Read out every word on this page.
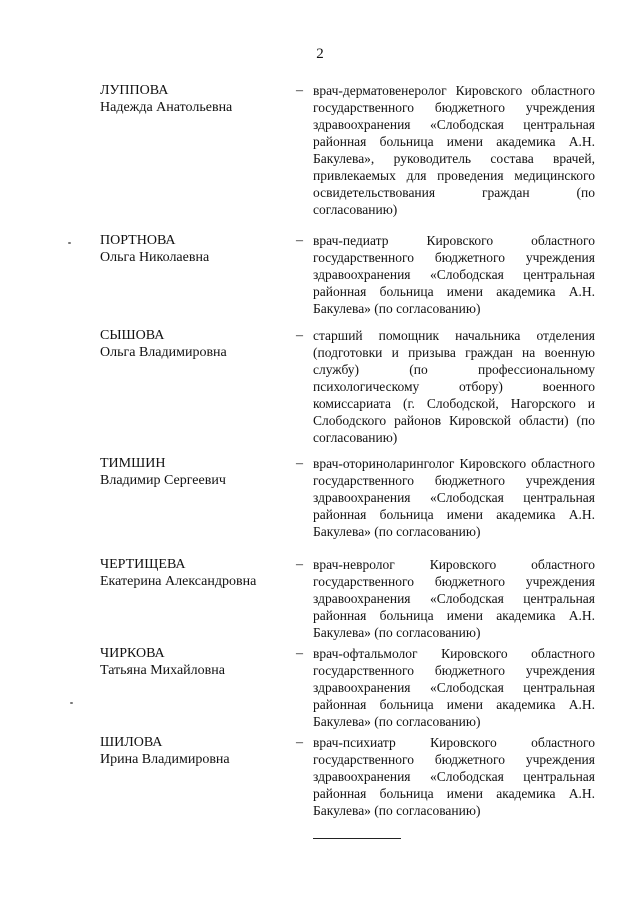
2
ЛУППОВА
Надежда Анатольевна
– врач-дерматовенеролог Кировского областного государственного бюджетного учреждения здравоохранения «Слободская центральная районная больница имени академика А.Н. Бакулева», руководитель состава врачей, привлекаемых для проведения медицинского освидетельствования граждан (по согласованию)
ПОРТНОВА
Ольга Николаевна
– врач-педиатр Кировского областного государственного бюджетного учреждения здравоохранения «Слободская центральная районная больница имени академика А.Н. Бакулева» (по согласованию)
СЫШОВА
Ольга Владимировна
– старший помощник начальника отделения (подготовки и призыва граждан на военную службу) (по профессиональному психологическому отбору) военного комиссариата (г. Слободской, Нагорского и Слободского районов Кировской области) (по согласованию)
ТИМШИН
Владимир Сергеевич
– врач-оториноларинголог Кировского областного государственного бюджетного учреждения здравоохранения «Слободская центральная районная больница имени академика А.Н. Бакулева» (по согласованию)
ЧЕРТИЩЕВА
Екатерина Александровна
– врач-невролог Кировского областного государственного бюджетного учреждения здравоохранения «Слободская центральная районная больница имени академика А.Н. Бакулева» (по согласованию)
ЧИРКОВА
Татьяна Михайловна
– врач-офтальмолог Кировского областного государственного бюджетного учреждения здравоохранения «Слободская центральная районная больница имени академика А.Н. Бакулева» (по согласованию)
ШИЛОВА
Ирина Владимировна
– врач-психиатр Кировского областного государственного бюджетного учреждения здравоохранения «Слободская центральная районная больница имени академика А.Н. Бакулева» (по согласованию)
